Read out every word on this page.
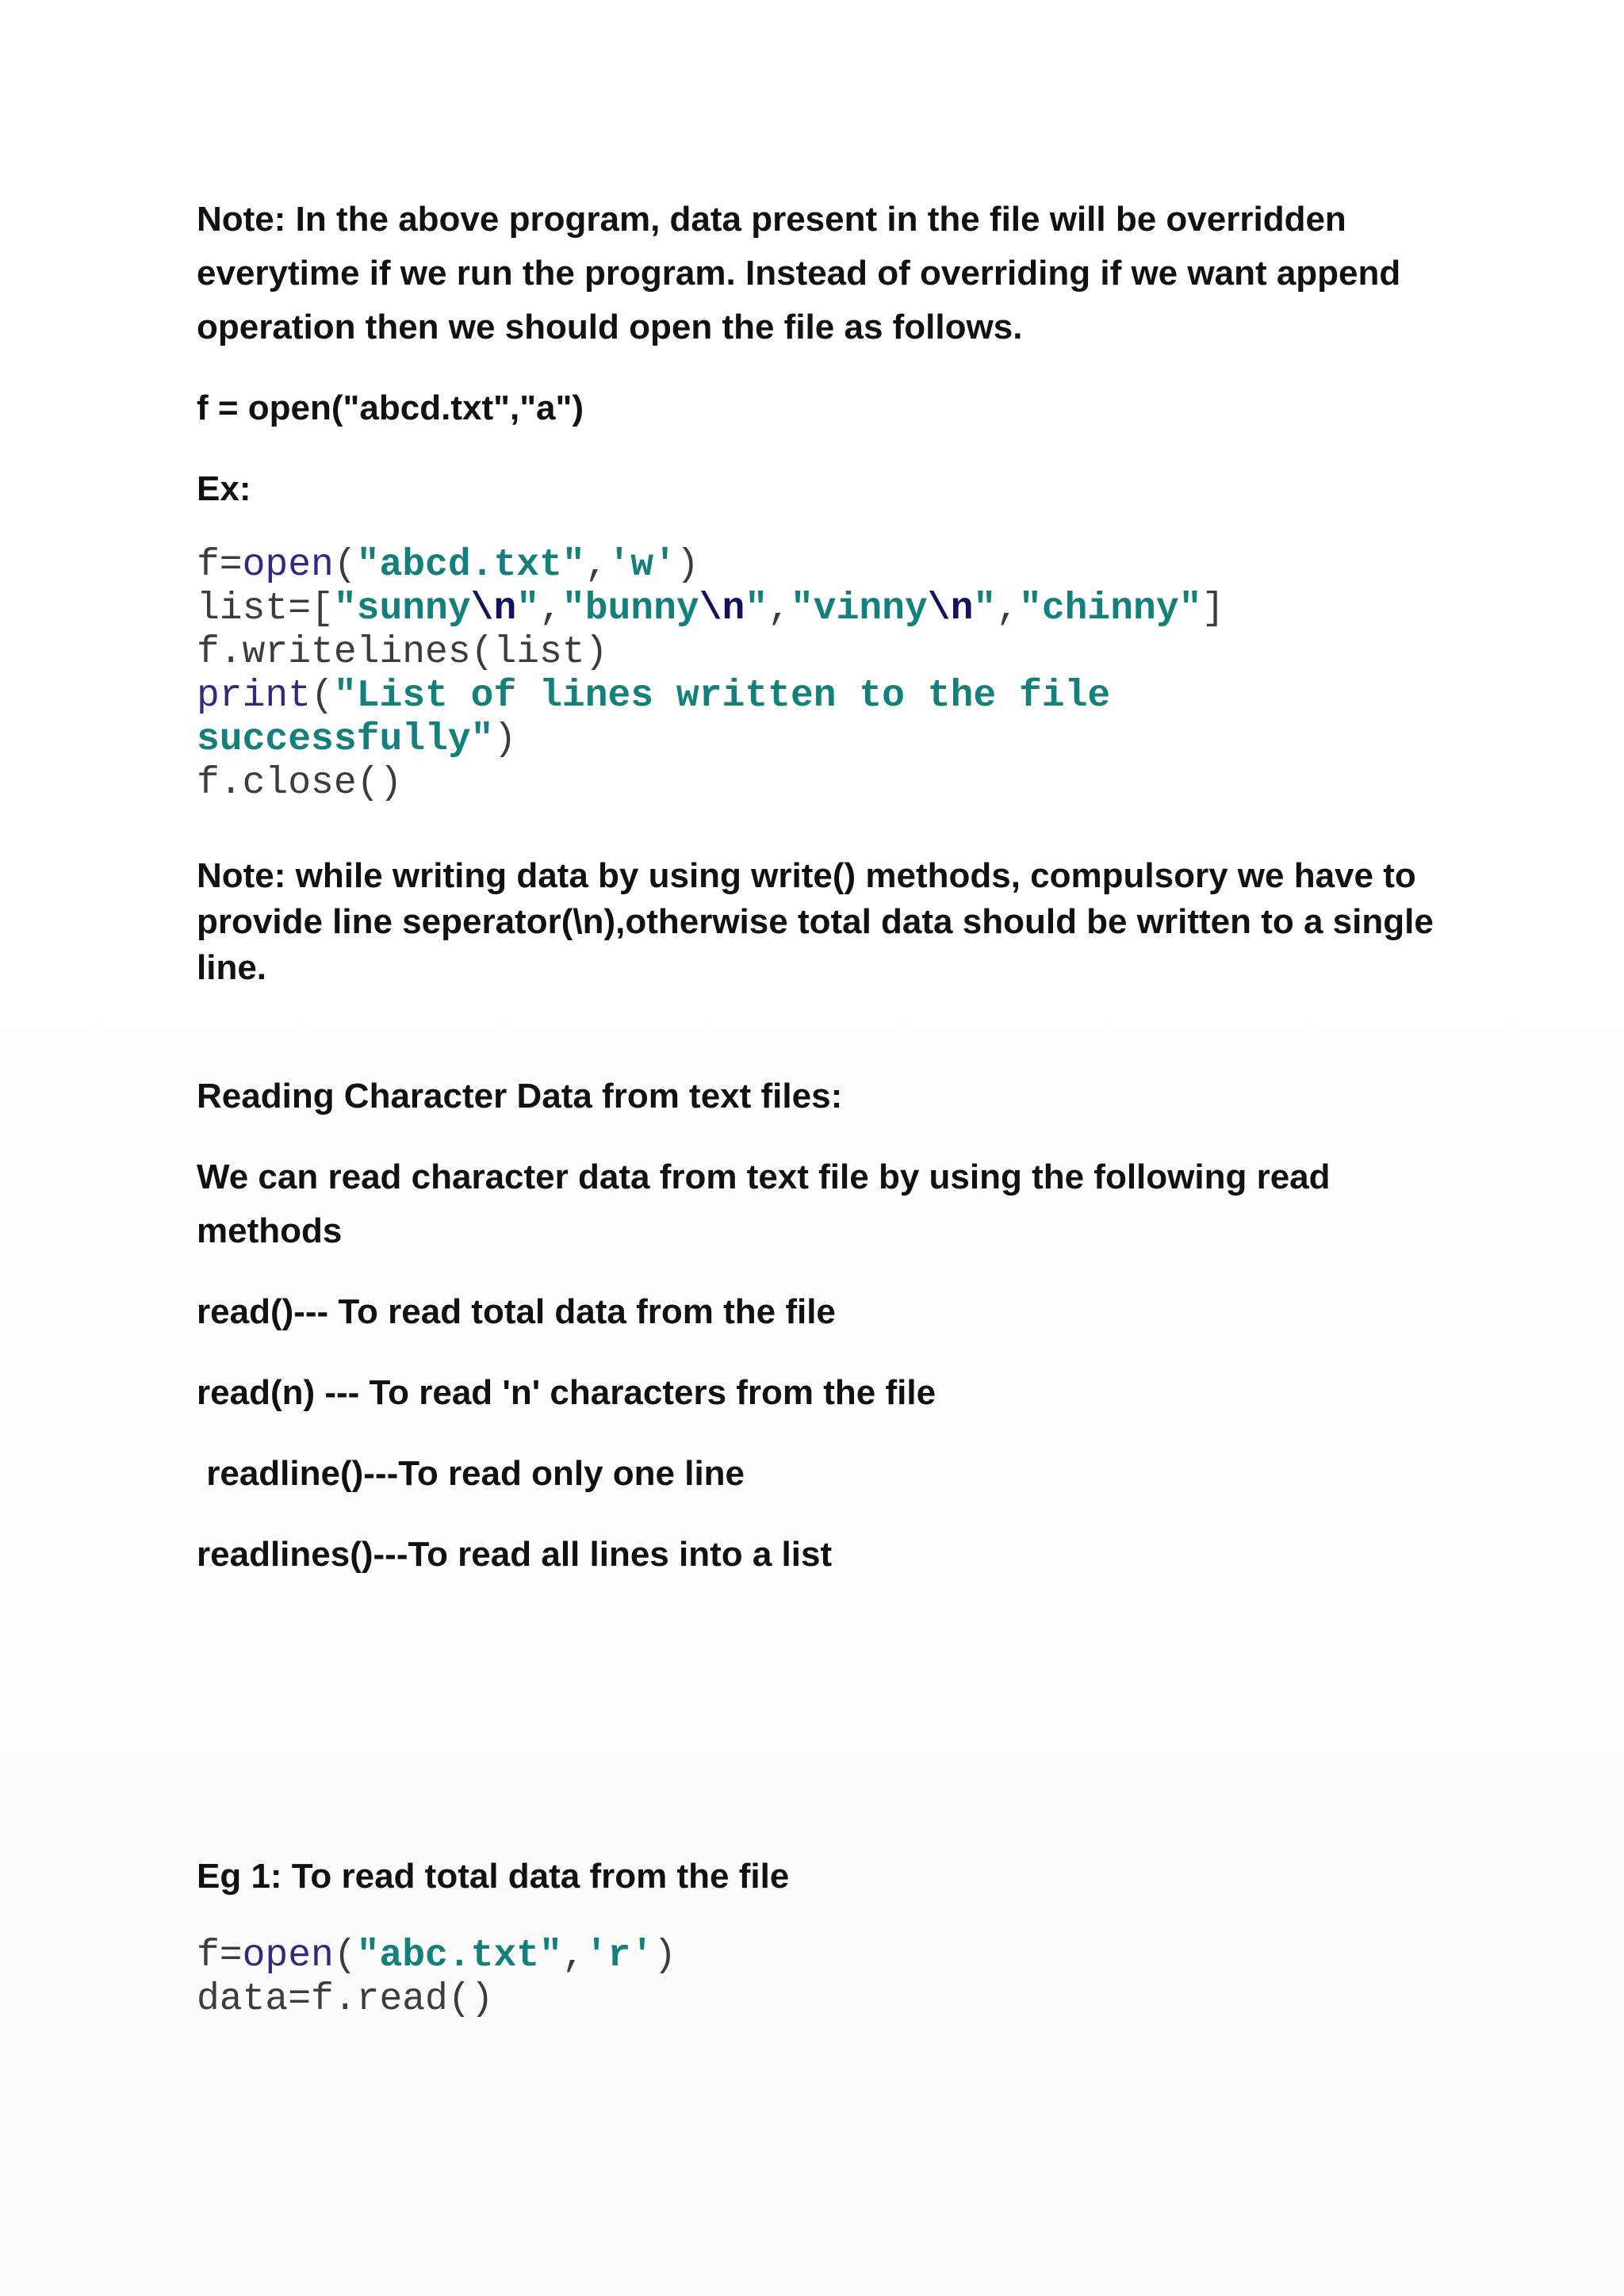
Note: In the above program, data present in the file will be overridden

everytime if we run the program. Instead of overriding if we want append

operation then we should open the file as follows.

f = open("abcd.txt","a")

Ex:

f=open("abcd.txt",'w')
list=["sunny\n","bunny\n","vinny\n","chinny"]
f.writelines(list)
print("List of lines written to the file
successfully")
f.close()

Note: while writing data by using write() methods, compulsory we have to

provide line seperator(\n),otherwise total data should be written to a single

line.

Reading Character Data from text files:

We can read character data from text file by using the following read

methods

read()--- To read total data from the file

read(n) --- To read 'n' characters from the file

readline()---To read only one line

readlines()---To read all lines into a list

Eg 1: To read total data from the file

f=open("abc.txt",'r')
data=f.read()
